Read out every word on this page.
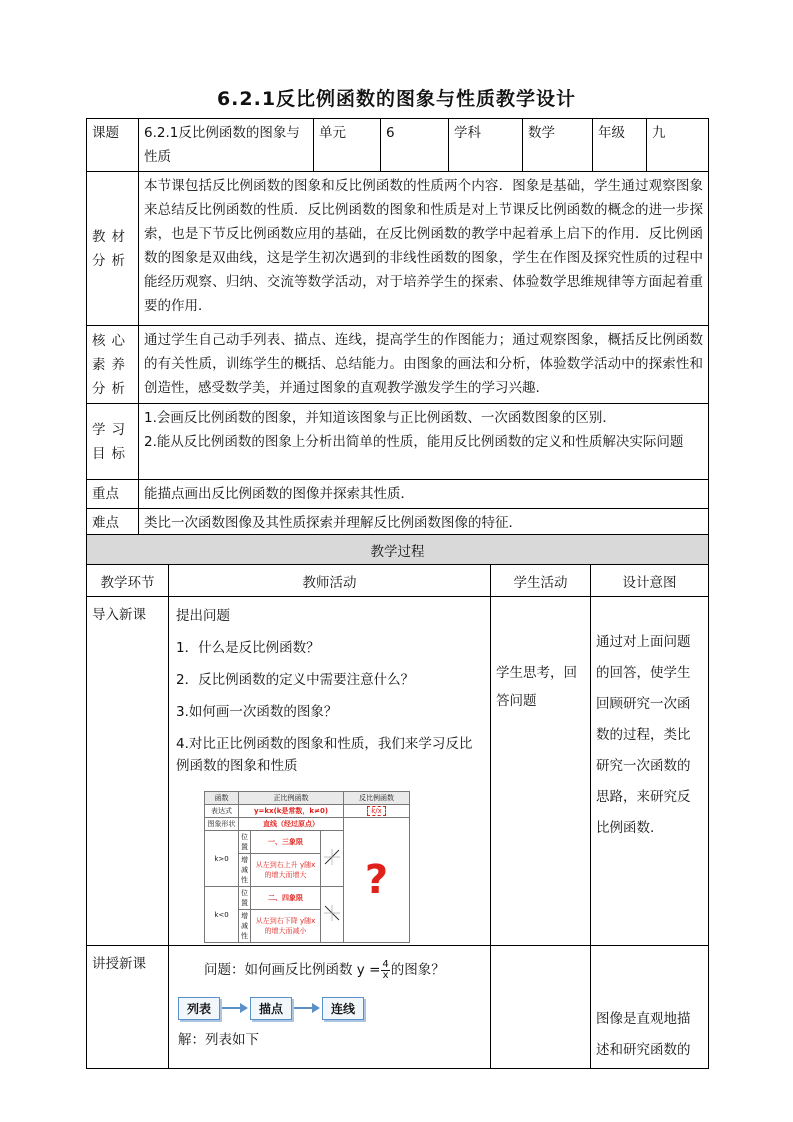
6.2.1反比例函数的图象与性质教学设计
课题	6.2.1反比例函数的图象与性质	单元	6	学科	数学	年级	九
教材分析	本节课包括反比例函数的图象和反比例函数的性质两个内容．图象是基础，学生通过观察图象来总结反比例函数的性质．反比例函数的图象和性质是对上节课反比例函数的概念的进一步探索，也是下节反比例函数应用的基础，在反比例函数的教学中起着承上启下的作用．反比例函数的图象是双曲线，这是学生初次遇到的非线性函数的图象，学生在作图及探究性质的过程中能经历观察、归纳、交流等数学活动，对于培养学生的探索、体验数学思维规律等方面起着重要的作用．						
核心素养分析	通过学生自己动手列表、描点、连线，提高学生的作图能力；通过观察图象，概括反比例函数的有关性质，训练学生的概括、总结能力。由图象的画法和分析，体验数学活动中的探索性和创造性，感受数学美，并通过图象的直观教学激发学生的学习兴趣.						
学习目标	1.会画反比例函数的图象，并知道该图象与正比例函数、一次函数图象的区别．
2.能从反比例函数的图象上分析出简单的性质，能用反比例函数的定义和性质解决实际问题						

重点	能描点画出反比例函数的图像并探索其性质．						
难点	类比一次函数图像及其性质探索并理解反比例函数图像的特征．						
教学过程
教学环节	教师活动	学生活动	设计意图
导入新课	提出问题

1．什么是反比例函数？

2．反比例函数的定义中需要注意什么？

3.如何画一次函数的图象？

4.对比正比例函数的图象和性质，我们来学习反比例函数的图象和性质

函数	正比例函数	反比例函数
表达式	y=kx(k是常数，k≠0)	k/x
图象形状	直线（经过原点）	?
k>0	位置	一、三象限	
增减性	从左到右上升 y随x的增大而增大
k<0	位置	二、四象限	
增减性	从左到右下降 y随x的增大而减小
	学生思考，回答问题	通过对上面问题的回答，使学生回顾研究一次函数的过程，类比研究一次函数的思路，来研究反比例函数.
讲授新课	问题：如何画反比例函数 $y = \frac{4}{x}$ 的图象？
列表	描点	连线
解：列表如下
		图像是直观地描述和研究函数的
